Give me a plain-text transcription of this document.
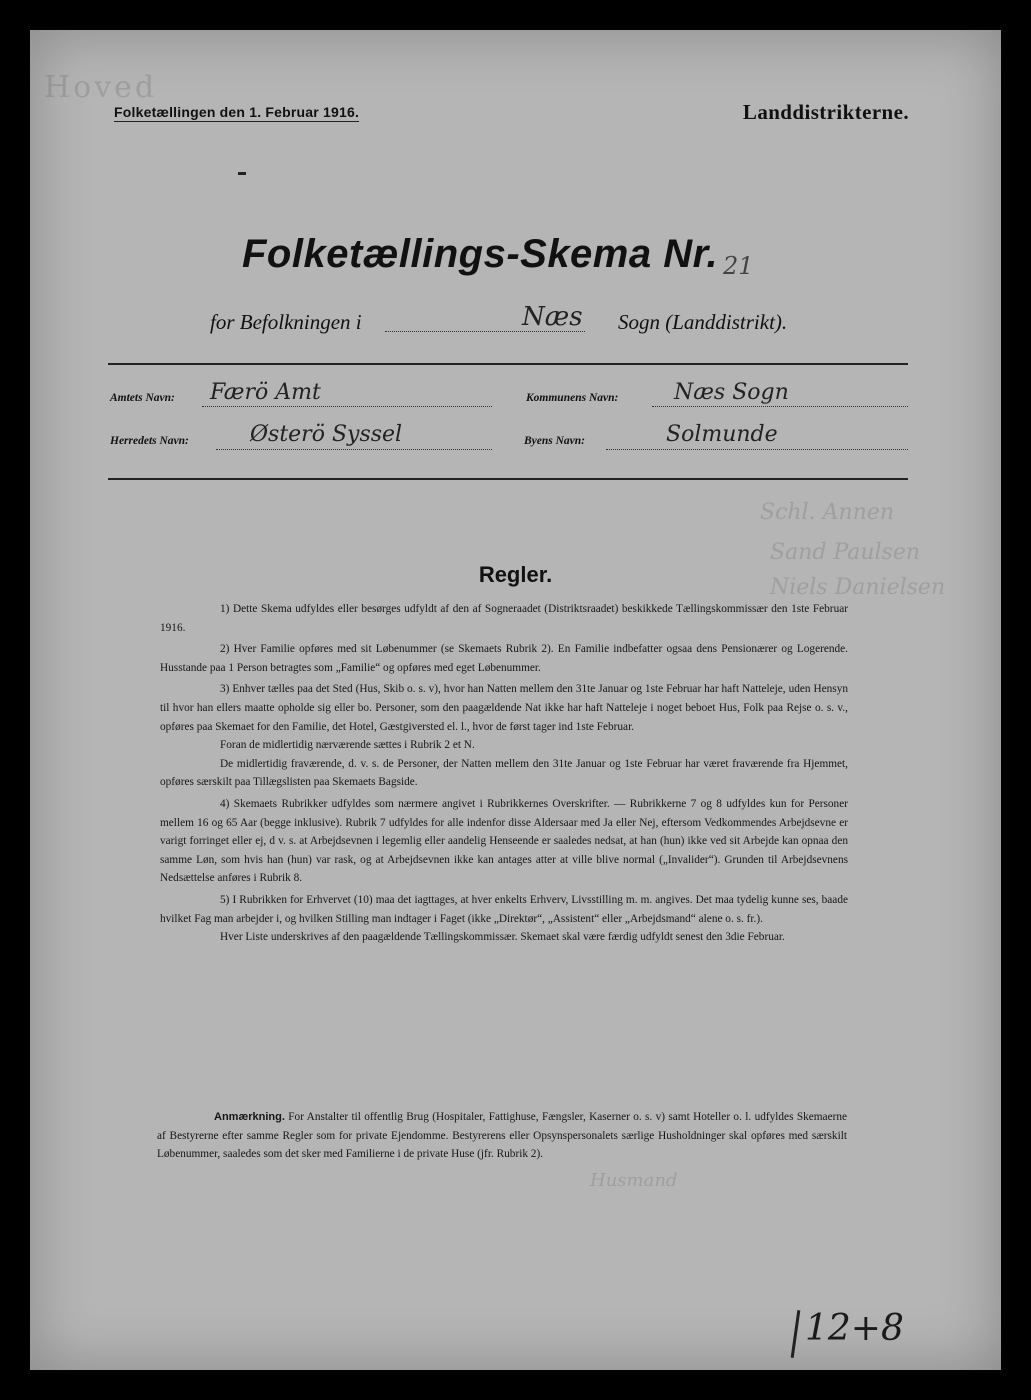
Hoved
Schl. Annen
Sand Paulsen
Niels Danielsen
Husmand
Folketællingen den 1. Februar 1916.	Landdistrikterne.
Folketællings-Skema Nr. 21
for Befolkningen i	Næs Sogn (Landdistrikt).
Amtets Navn: Færö Amt	Kommunens Navn:	Næs Sogn
Herredets Navn:	Østerö Syssel	Byens Navn:	Solmunde
Regler.

1) Dette Skema udfyldes eller besørges udfyldt af den af Sogneraadet (Distriktsraadet) beskikkede Tællingskommissær den 1ste Februar 1916.

2) Hver Familie opføres med sit Løbenummer (se Skemaets Rubrik 2). En Familie indbefatter ogsaa dens Pensionærer og Logerende. Husstande paa 1 Person betragtes som „Familie“ og opføres med eget Løbenummer.

3) Enhver tælles paa det Sted (Hus, Skib o. s. v), hvor han Natten mellem den 31te Januar og 1ste Februar har haft Natteleje, uden Hensyn til hvor han ellers maatte opholde sig eller bo. Personer, som den paagældende Nat ikke har haft Natteleje i noget beboet Hus, Folk paa Rejse o. s. v., opføres paa Skemaet for den Familie, det Hotel, Gæstgiversted el. l., hvor de først tager ind 1ste Februar.

Foran de midlertidig nærværende sættes i Rubrik 2 et N.

De midlertidig fraværende, d. v. s. de Personer, der Natten mellem den 31te Januar og 1ste Februar har været fraværende fra Hjemmet, opføres særskilt paa Tillægslisten paa Skemaets Bagside.

4) Skemaets Rubrikker udfyldes som nærmere angivet i Rubrikkernes Overskrifter. — Rubrikkerne 7 og 8 udfyldes kun for Personer mellem 16 og 65 Aar (begge inklusive). Rubrik 7 udfyldes for alle indenfor disse Aldersaar med Ja eller Nej, eftersom Vedkommendes Arbejdsevne er varigt forringet eller ej, d v. s. at Arbejdsevnen i legemlig eller aandelig Henseende er saaledes nedsat, at han (hun) ikke ved sit Arbejde kan opnaa den samme Løn, som hvis han (hun) var rask, og at Arbejdsevnen ikke kan antages atter at ville blive normal („Invalider“). Grunden til Arbejdsevnens Nedsættelse anføres i Rubrik 8.

5) I Rubrikken for Erhvervet (10) maa det iagttages, at hver enkelts Erhverv, Livsstilling m. m. angives. Det maa tydelig kunne ses, baade hvilket Fag man arbejder i, og hvilken Stilling man indtager i Faget (ikke „Direktør“, „Assistent“ eller „Arbejdsmand“ alene o. s. fr.).

Hver Liste underskrives af den paagældende Tællingskommissær. Skemaet skal være færdig udfyldt senest den 3die Februar.

Anmærkning. For Anstalter til offentlig Brug (Hospitaler, Fattighuse, Fængsler, Kaserner o. s. v) samt Hoteller o. l. udfyldes Skemaerne af Bestyrerne efter samme Regler som for private Ejendomme. Bestyrerens eller Opsynspersonalets særlige Husholdninger skal opføres med særskilt Løbenummer, saaledes som det sker med Familierne i de private Huse (jfr. Rubrik 2).
12+8
